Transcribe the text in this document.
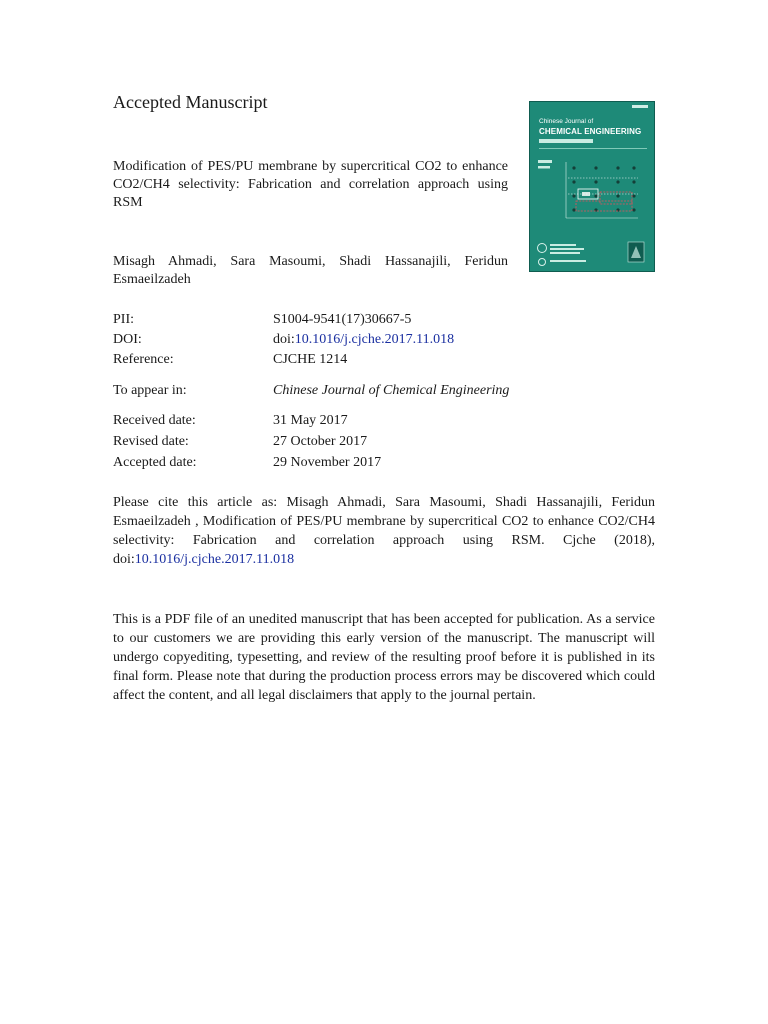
Accepted Manuscript
Modification of PES/PU membrane by supercritical CO2 to enhance CO2/CH4 selectivity: Fabrication and correlation approach using RSM
Misagh Ahmadi, Sara Masoumi, Shadi Hassanajili, Feridun Esmaeilzadeh
Chinese Journal of
CHEMICAL ENGINEERING
PII:	S1004-9541(17)30667-5
DOI:	doi:10.1016/j.cjche.2017.11.018
Reference:	CJCHE 1214
To appear in:	Chinese Journal of Chemical Engineering
Received date:	31 May 2017
Revised date:	27 October 2017
Accepted date:	29 November 2017
Please cite this article as: Misagh Ahmadi, Sara Masoumi, Shadi Hassanajili, Feridun Esmaeilzadeh , Modification of PES/PU membrane by supercritical CO2 to enhance CO2/CH4 selectivity: Fabrication and correlation approach using RSM. Cjche (2018), doi:10.1016/j.cjche.2017.11.018
This is a PDF file of an unedited manuscript that has been accepted for publication. As a service to our customers we are providing this early version of the manuscript. The manuscript will undergo copyediting, typesetting, and review of the resulting proof before it is published in its final form. Please note that during the production process errors may be discovered which could affect the content, and all legal disclaimers that apply to the journal pertain.
